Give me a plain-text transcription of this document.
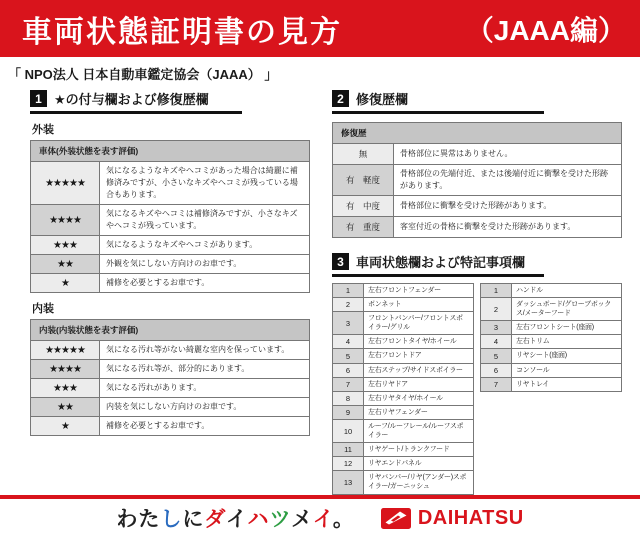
車両状態証明書の見方	（JAAA編）
「 NPO法人 日本自動車鑑定協会（JAAA） 」
1 ★の付与欄および修復歴欄
外装
車体(外装状態を表す評価)	
★★★★★	気になるようなキズやヘコミがあった場合は綺麗に補修済みですが、小さいなキズやヘコミが残っている場合もあります。
★★★★	気になるキズやヘコミは補修済みですが、小さなキズやヘコミが残っています。
★★★	気になるようなキズやヘコミがあります。
★★	外観を気にしない方向けのお車です。
★	補修を必要とするお車です。
内装
内装(内装状態を表す評価)	
★★★★★	気になる汚れ等がない綺麗な室内を保っています。
★★★★	気になる汚れ等が、部分的にあります。
★★★	気になる汚れがあります。
★★	内装を気にしない方向けのお車です。
★	補修を必要とするお車です。
2 修復歴欄
修復歴	
無	骨格部位に異常はありません。
有　軽度	骨格部位の先端付近、または後端付近に衝撃を受けた形跡があります。
有　中度	骨格部位に衝撃を受けた形跡があります。
有　重度	客室付近の骨格に衝撃を受けた形跡があります。
3 車両状態欄および特記事項欄
1	左右フロントフェンダー
2	ボンネット
3	フロントバンパー/フロントスポイラー/グリル
4	左右フロントタイヤ/ホイール
5	左右フロントドア
6	左右ステップ/サイドスポイラー
7	左右リヤドア
8	左右リヤタイヤ/ホイール
9	左右リヤフェンダー
10	ルーフ/ルーフレール/ルーフスポイラー
11	リヤゲート/トランクフード
12	リヤエンドパネル
13	リヤバンパー/リヤ(アンダー)スポイラー/ガーニッシュ
1	ハンドル
2	ダッシュボード/グローブボックス/メーターフード
3	左右フロントシート(座面)
4	左右トリム
5	リヤシート(座面)
6	コンソール
7	リヤトレイ
わたしにダイハツメイ。	DAIHATSU
